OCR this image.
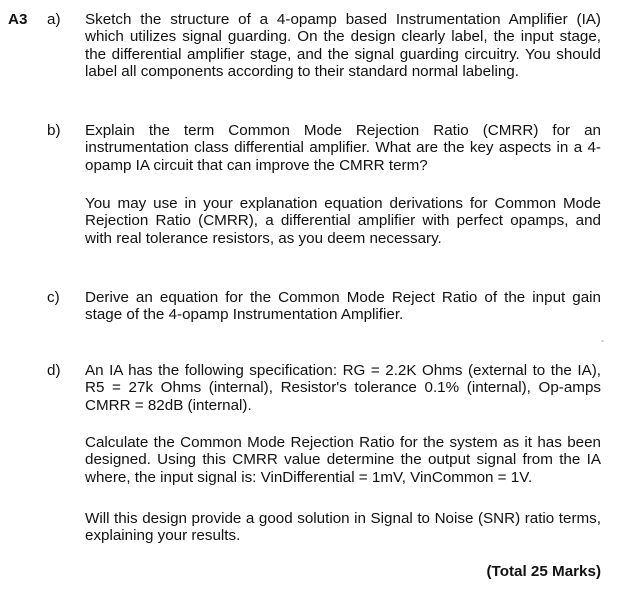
A3 a) Sketch the structure of a 4-opamp based Instrumentation Amplifier (IA) which utilizes signal guarding. On the design clearly label, the input stage, the differential amplifier stage, and the signal guarding circuitry. You should label all components according to their standard normal labeling.

b) Explain the term Common Mode Rejection Ratio (CMRR) for an instrumentation class differential amplifier. What are the key aspects in a 4-opamp IA circuit that can improve the CMRR term?

You may use in your explanation equation derivations for Common Mode Rejection Ratio (CMRR), a differential amplifier with perfect opamps, and with real tolerance resistors, as you deem necessary.

c) Derive an equation for the Common Mode Reject Ratio of the input gain stage of the 4-opamp Instrumentation Amplifier.

d) An IA has the following specification: RG = 2.2K Ohms (external to the IA), R5 = 27k Ohms (internal), Resistor's tolerance 0.1% (internal), Op-amps CMRR = 82dB (internal).

Calculate the Common Mode Rejection Ratio for the system as it has been designed. Using this CMRR value determine the output signal from the IA where, the input signal is: VinDifferential = 1mV, VinCommon = 1V.

Will this design provide a good solution in Signal to Noise (SNR) ratio terms, explaining your results.

(Total 25 Marks)
